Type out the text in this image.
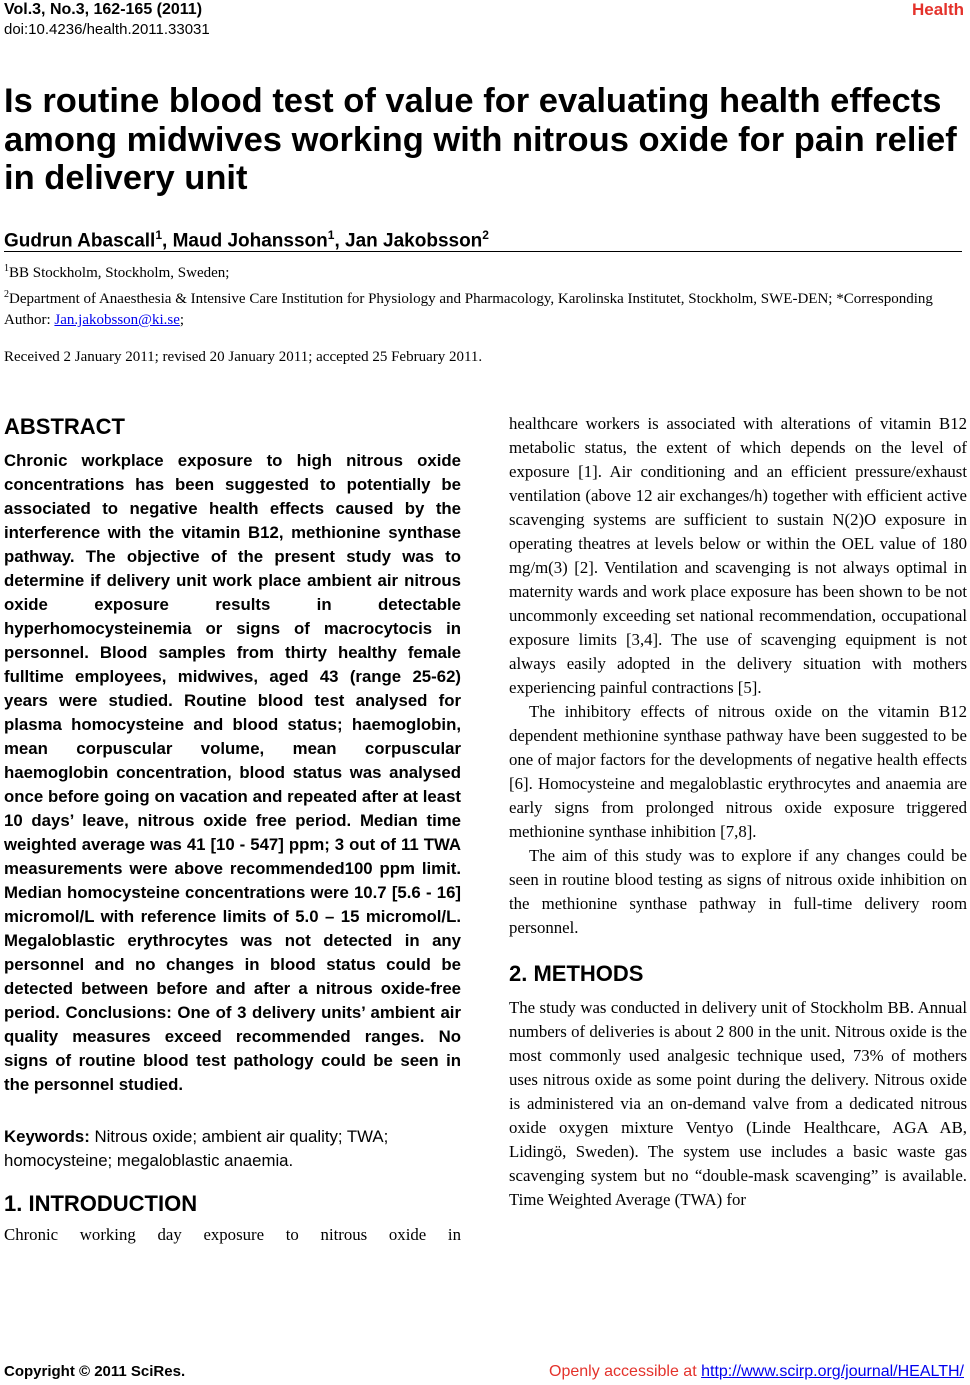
Vol.3, No.3, 162-165 (2011)
doi:10.4236/health.2011.33031
Health
Is routine blood test of value for evaluating health effects among midwives working with nitrous oxide for pain relief in delivery unit
Gudrun Abascall$^1$, Maud Johansson$^1$, Jan Jakobsson$^2$

$^1$BB Stockholm, Stockholm, Sweden;

$^2$Department of Anaesthesia & Intensive Care Institution for Physiology and Pharmacology, Karolinska Institutet, Stockholm, SWE-DEN; *Corresponding Author: Jan.jakobsson@ki.se;

Received 2 January 2011; revised 20 January 2011; accepted 25 February 2011.
ABSTRACT

Chronic workplace exposure to high nitrous oxide concentrations has been suggested to potentially be associated to negative health effects caused by the interference with the vitamin B12, methionine synthase pathway. The objective of the present study was to determine if delivery unit work place ambient air nitrous oxide exposure results in detectable hyperhomocysteinemia or signs of macrocytocis in personnel. Blood samples from thirty healthy female fulltime employees, midwives, aged 43 (range 25-62) years were studied. Routine blood test analysed for plasma homocysteine and blood status; haemoglobin, mean corpuscular volume, mean corpuscular haemoglobin concentration, blood status was analysed once before going on vacation and repeated after at least 10 days’ leave, nitrous oxide free period. Median time weighted average was 41 [10 - 547] ppm; 3 out of 11 TWA measurements were above recommended100 ppm limit. Median homocysteine concentrations were 10.7 [5.6 - 16] micromol/L with reference limits of 5.0 – 15 micromol/L. Megaloblastic erythrocytes was not detected in any personnel and no changes in blood status could be detected between before and after a nitrous oxide-free period. Conclusions: One of 3 delivery units’ ambient air quality measures exceed recommended ranges. No signs of routine blood test pathology could be seen in the personnel studied.

Keywords: Nitrous oxide; ambient air quality; TWA; homocysteine; megaloblastic anaemia.

1. INTRODUCTION

Chronic working day exposure to nitrous oxide in

healthcare workers is associated with alterations of vitamin B12 metabolic status, the extent of which depends on the level of exposure [1]. Air conditioning and an efficient pressure/exhaust ventilation (above 12 air exchanges/h) together with efficient active scavenging systems are sufficient to sustain N(2)O exposure in operating theatres at levels below or within the OEL value of 180 mg/m(3) [2]. Ventilation and scavenging is not always optimal in maternity wards and work place exposure has been shown to be not uncommonly exceeding set national recommendation, occupational exposure limits [3,4]. The use of scavenging equipment is not always easily adopted in the delivery situation with mothers experiencing painful contractions [5].

The inhibitory effects of nitrous oxide on the vitamin B12 dependent methionine synthase pathway have been suggested to be one of major factors for the developments of negative health effects [6]. Homocysteine and megaloblastic erythrocytes and anaemia are early signs from prolonged nitrous oxide exposure triggered methionine synthase inhibition [7,8].

The aim of this study was to explore if any changes could be seen in routine blood testing as signs of nitrous oxide inhibition on the methionine synthase pathway in full-time delivery room personnel.

2. METHODS

The study was conducted in delivery unit of Stockholm BB. Annual numbers of deliveries is about 2 800 in the unit. Nitrous oxide is the most commonly used analgesic technique used, 73% of mothers uses nitrous oxide as some point during the delivery. Nitrous oxide is administered via an on-demand valve from a dedicated nitrous oxide oxygen mixture Ventyo (Linde Healthcare, AGA AB, Lidingö, Sweden). The system use includes a basic waste gas scavenging system but no “double-mask scavenging” is available. Time Weighted Average (TWA) for

Copyright © 2011 SciRes.	Openly accessible at http://www.scirp.org/journal/HEALTH/
